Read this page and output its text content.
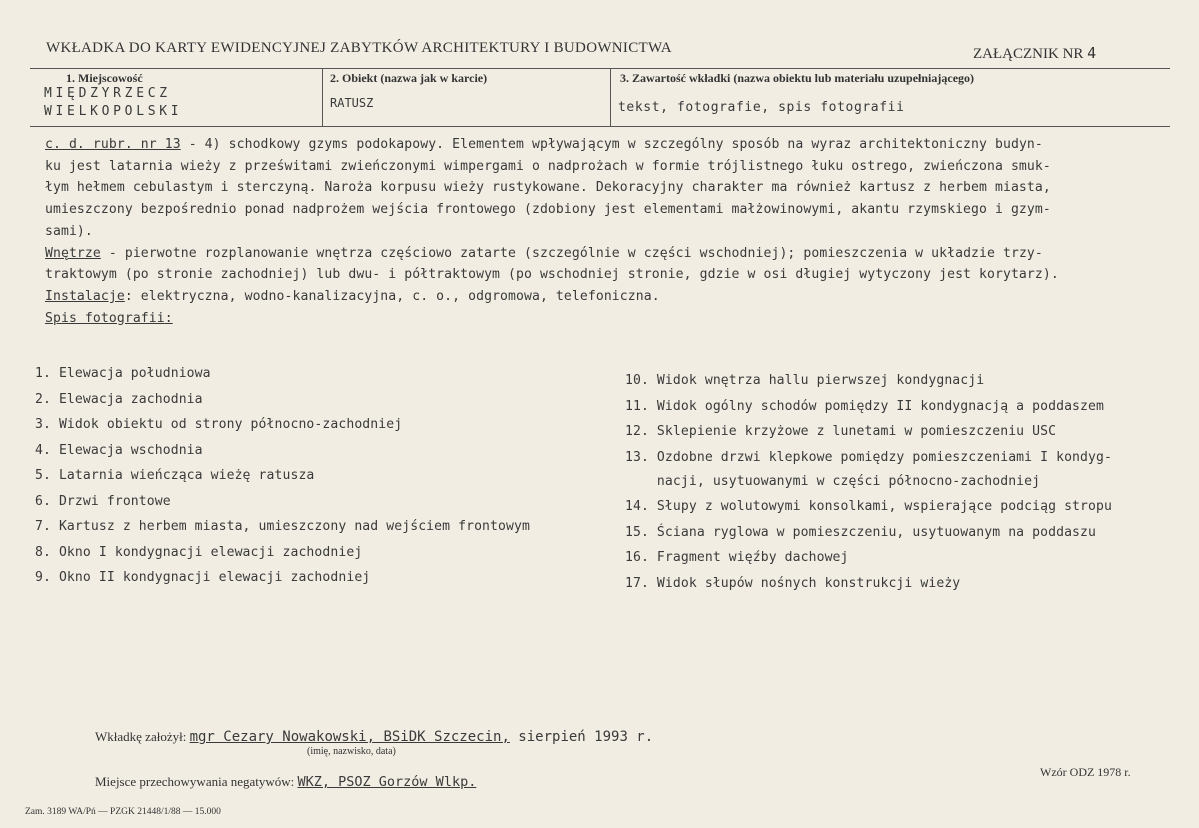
WKŁADKA DO KARTY EWIDENCYJNEJ ZABYTKÓW ARCHITEKTURY I BUDOWNICTWA	ZAŁĄCZNIK NR 4
1. Miejscowość
MIĘDZYRZECZ
WIELKOPOLSKI
2. Obiekt (nazwa jak w karcie)
RATUSZ
3. Zawartość wkładki (nazwa obiektu lub materiału uzupełniającego)
tekst, fotografie, spis fotografii

c. d. rubr. nr 13 - 4) schodkowy gzyms podokapowy. Elementem wpływającym w szczególny sposób na wyraz architektoniczny budyn-

ku jest latarnia wieży z prześwitami zwieńczonymi wimpergami o nadprożach w formie trójlistnego łuku ostrego, zwieńczona smuk-

łym hełmem cebulastym i sterczyną. Naroża korpusu wieży rustykowane. Dekoracyjny charakter ma również kartusz z herbem miasta,

umieszczony bezpośrednio ponad nadprożem wejścia frontowego (zdobiony jest elementami małżowinowymi, akantu rzymskiego i gzym-

sami).

Wnętrze - pierwotne rozplanowanie wnętrza częściowo zatarte (szczególnie w części wschodniej); pomieszczenia w układzie trzy-

traktowym (po stronie zachodniej) lub dwu- i półtraktowym (po wschodniej stronie, gdzie w osi długiej wytyczony jest korytarz).

Instalacje: elektryczna, wodno-kanalizacyjna, c. o., odgromowa, telefoniczna.

Spis fotografii:

1. Elewacja południowa
2. Elewacja zachodnia
3. Widok obiektu od strony północno-zachodniej
4. Elewacja wschodnia
5. Latarnia wieńcząca wieżę ratusza
6. Drzwi frontowe
7. Kartusz z herbem miasta, umieszczony nad wejściem frontowym
8. Okno I kondygnacji elewacji zachodniej
9. Okno II kondygnacji elewacji zachodniej
10. Widok wnętrza hallu pierwszej kondygnacji
11. Widok ogólny schodów pomiędzy II kondygnacją a poddaszem
12. Sklepienie krzyżowe z lunetami w pomieszczeniu USC
13. Ozdobne drzwi klepkowe pomiędzy pomieszczeniami I kondyg-
nacji, usytuowanymi w części północno-zachodniej
14. Słupy z wolutowymi konsolkami, wspierające podciąg stropu
15. Ściana ryglowa w pomieszczeniu, usytuowanym na poddaszu
16. Fragment więźby dachowej
17. Widok słupów nośnych konstrukcji wieży
Wkładkę założył: mgr Cezary Nowakowski, BSiDK Szczecin, sierpień 1993 r.
(imię, nazwisko, data)
Miejsce przechowywania negatywów: WKZ, PSOZ Gorzów Wlkp.
Wzór ODZ 1978 r.
Zam. 3189 WA/Pń — PZGK 21448/1/88 — 15.000
